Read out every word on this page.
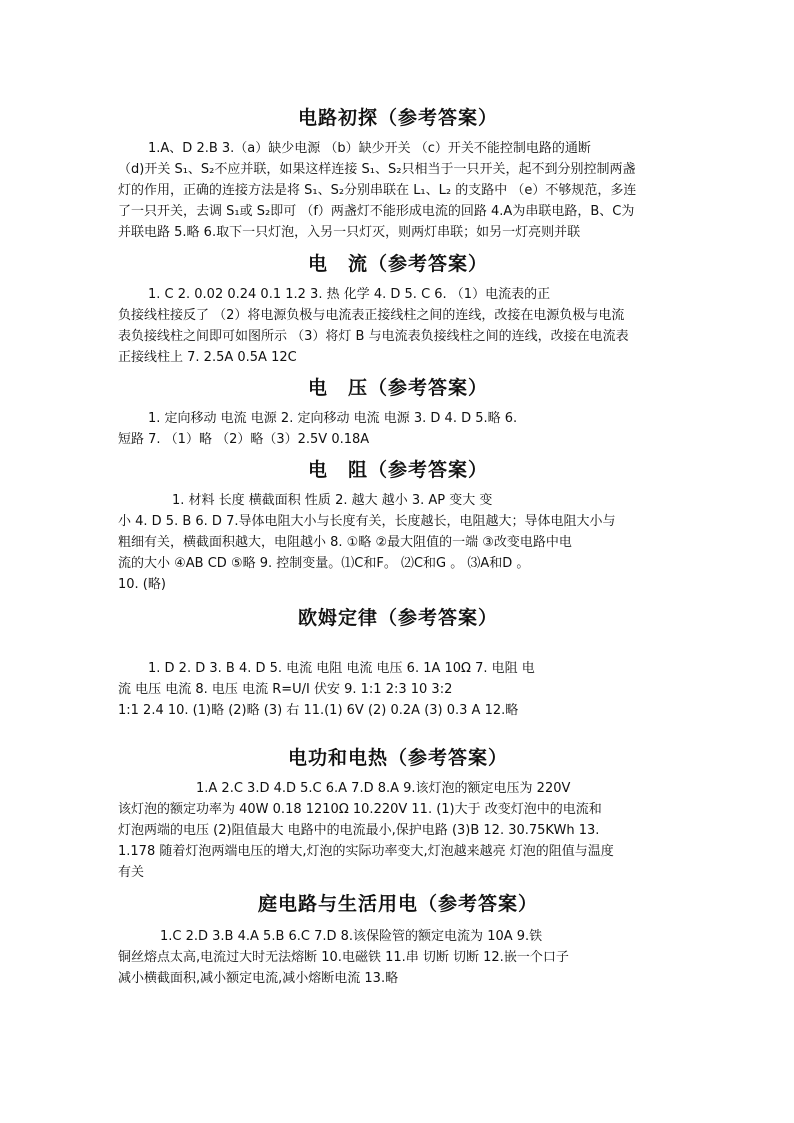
电路初探（参考答案）

1.A、D 2.B 3.（a）缺少电源 （b）缺少开关 （c）开关不能控制电路的通断

（d)开关 S₁、S₂不应并联，如果这样连接 S₁、S₂只相当于一只开关，起不到分别控制两盏

灯的作用，正确的连接方法是将 S₁、S₂分别串联在 L₁、L₂ 的支路中 （e）不够规范，多连

了一只开关，去调 S₁或 S₂即可 （f）两盏灯不能形成电流的回路 4.A为串联电路，B、C为

并联电路 5.略 6.取下一只灯泡，入另一只灯灭，则两灯串联；如另一灯亮则并联

电　流（参考答案）

1. C 2. 0.02 0.24 0.1 1.2 3. 热 化学 4. D 5. C 6. （1）电流表的正

负接线柱接反了 （2）将电源负极与电流表正接线柱之间的连线，改接在电源负极与电流

表负接线柱之间即可如图所示 （3）将灯 B 与电流表负接线柱之间的连线，改接在电流表

正接线柱上 7. 2.5A 0.5A 12C

电　压（参考答案）

1. 定向移动 电流 电源 2. 定向移动 电流 电源 3. D 4. D 5.略 6.

短路 7. （1）略 （2）略（3）2.5V 0.18A

电　阻（参考答案）

1. 材料 长度 横截面积 性质 2. 越大 越小 3. AP 变大 变

小 4. D 5. B 6. D 7.导体电阻大小与长度有关，长度越长，电阻越大；导体电阻大小与

粗细有关，横截面积越大，电阻越小 8. ①略 ②最大阻值的一端 ③改变电路中电

流的大小 ④AB CD ⑤略 9. 控制变量。⑴C和F。 ⑵C和G 。 ⑶A和D 。

10. (略)

欧姆定律（参考答案）

1. D 2. D 3. B 4. D 5. 电流 电阻 电流 电压 6. 1A 10Ω 7. 电阻 电

流 电压 电流 8. 电压 电流 R=U/I 伏安 9. 1:1 2:3 10 3:2

1:1 2.4 10. (1)略 (2)略 (3) 右 11.(1) 6V (2) 0.2A (3) 0.3 A 12.略

电功和电热（参考答案）

1.A 2.C 3.D 4.D 5.C 6.A 7.D 8.A 9.该灯泡的额定电压为 220V

该灯泡的额定功率为 40W 0.18 1210Ω 10.220V 11. (1)大于 改变灯泡中的电流和

灯泡两端的电压 (2)阻值最大 电路中的电流最小,保护电路 (3)B 12. 30.75KWh 13.

1.178 随着灯泡两端电压的增大,灯泡的实际功率变大,灯泡越来越亮 灯泡的阻值与温度

有关

庭电路与生活用电（参考答案）

1.C 2.D 3.B 4.A 5.B 6.C 7.D 8.该保险管的额定电流为 10A 9.铁

铜丝熔点太高,电流过大时无法熔断 10.电磁铁 11.串 切断 切断 12.嵌一个口子

减小横截面积,减小额定电流,减小熔断电流 13.略
